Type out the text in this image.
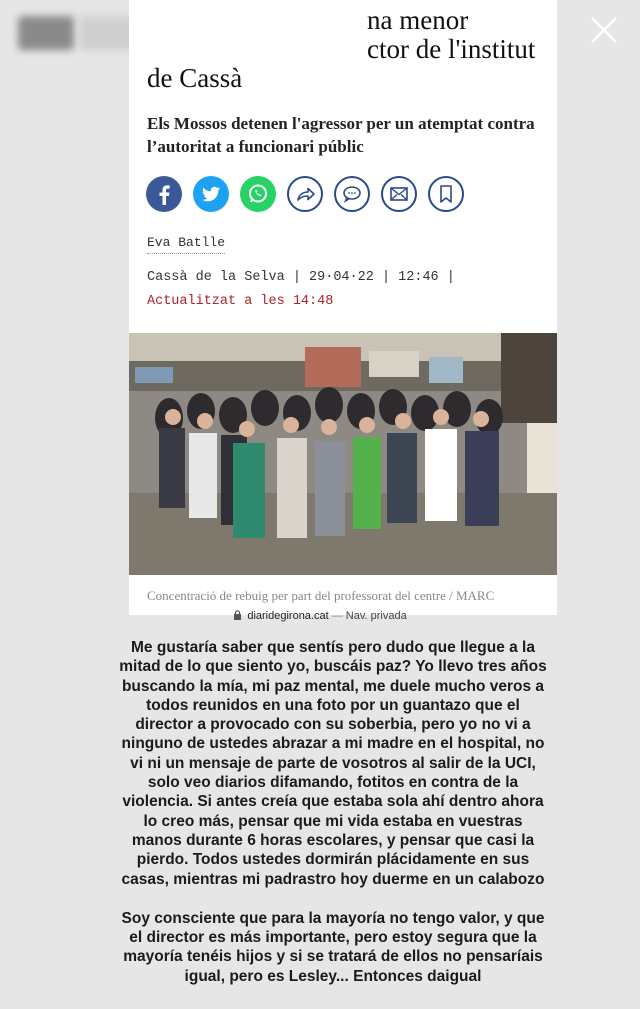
na menor
ctor de l'institut
de Cassà
Els Mossos detenen l'agressor per un atemptat contra l’autoritat a funcionari públic
Eva Batlle
Cassà de la Selva | 29·04·22 | 12:46 |
Actualitzat a les 14:48
Concentració de rebuig per part del professorat del centre / MARC
diaridegirona.cat — Nav. privada

Me gustaría saber que sentís pero dudo que llegue a la mitad de lo que siento yo, buscáis paz? Yo llevo tres años buscando la mía, mi paz mental, me duele mucho veros a todos reunidos en una foto por un guantazo que el director a provocado con su soberbia, pero yo no vi a ninguno de ustedes abrazar a mi madre en el hospital, no vi ni un mensaje de parte de vosotros al salir de la UCI, solo veo diarios difamando, fotitos en contra de la violencia. Si antes creía que estaba sola ahí dentro ahora lo creo más, pensar que mi vida estaba en vuestras manos durante 6 horas escolares, y pensar que casi la pierdo. Todos ustedes dormirán plácidamente en sus casas, mientras mi padrastro hoy duerme en un calabozo

Soy consciente que para la mayoría no tengo valor, y que el director es más importante, pero estoy segura que la mayoría tenéis hijos y si se tratará de ellos no pensaríais igual, pero es Lesley... Entonces daigual
